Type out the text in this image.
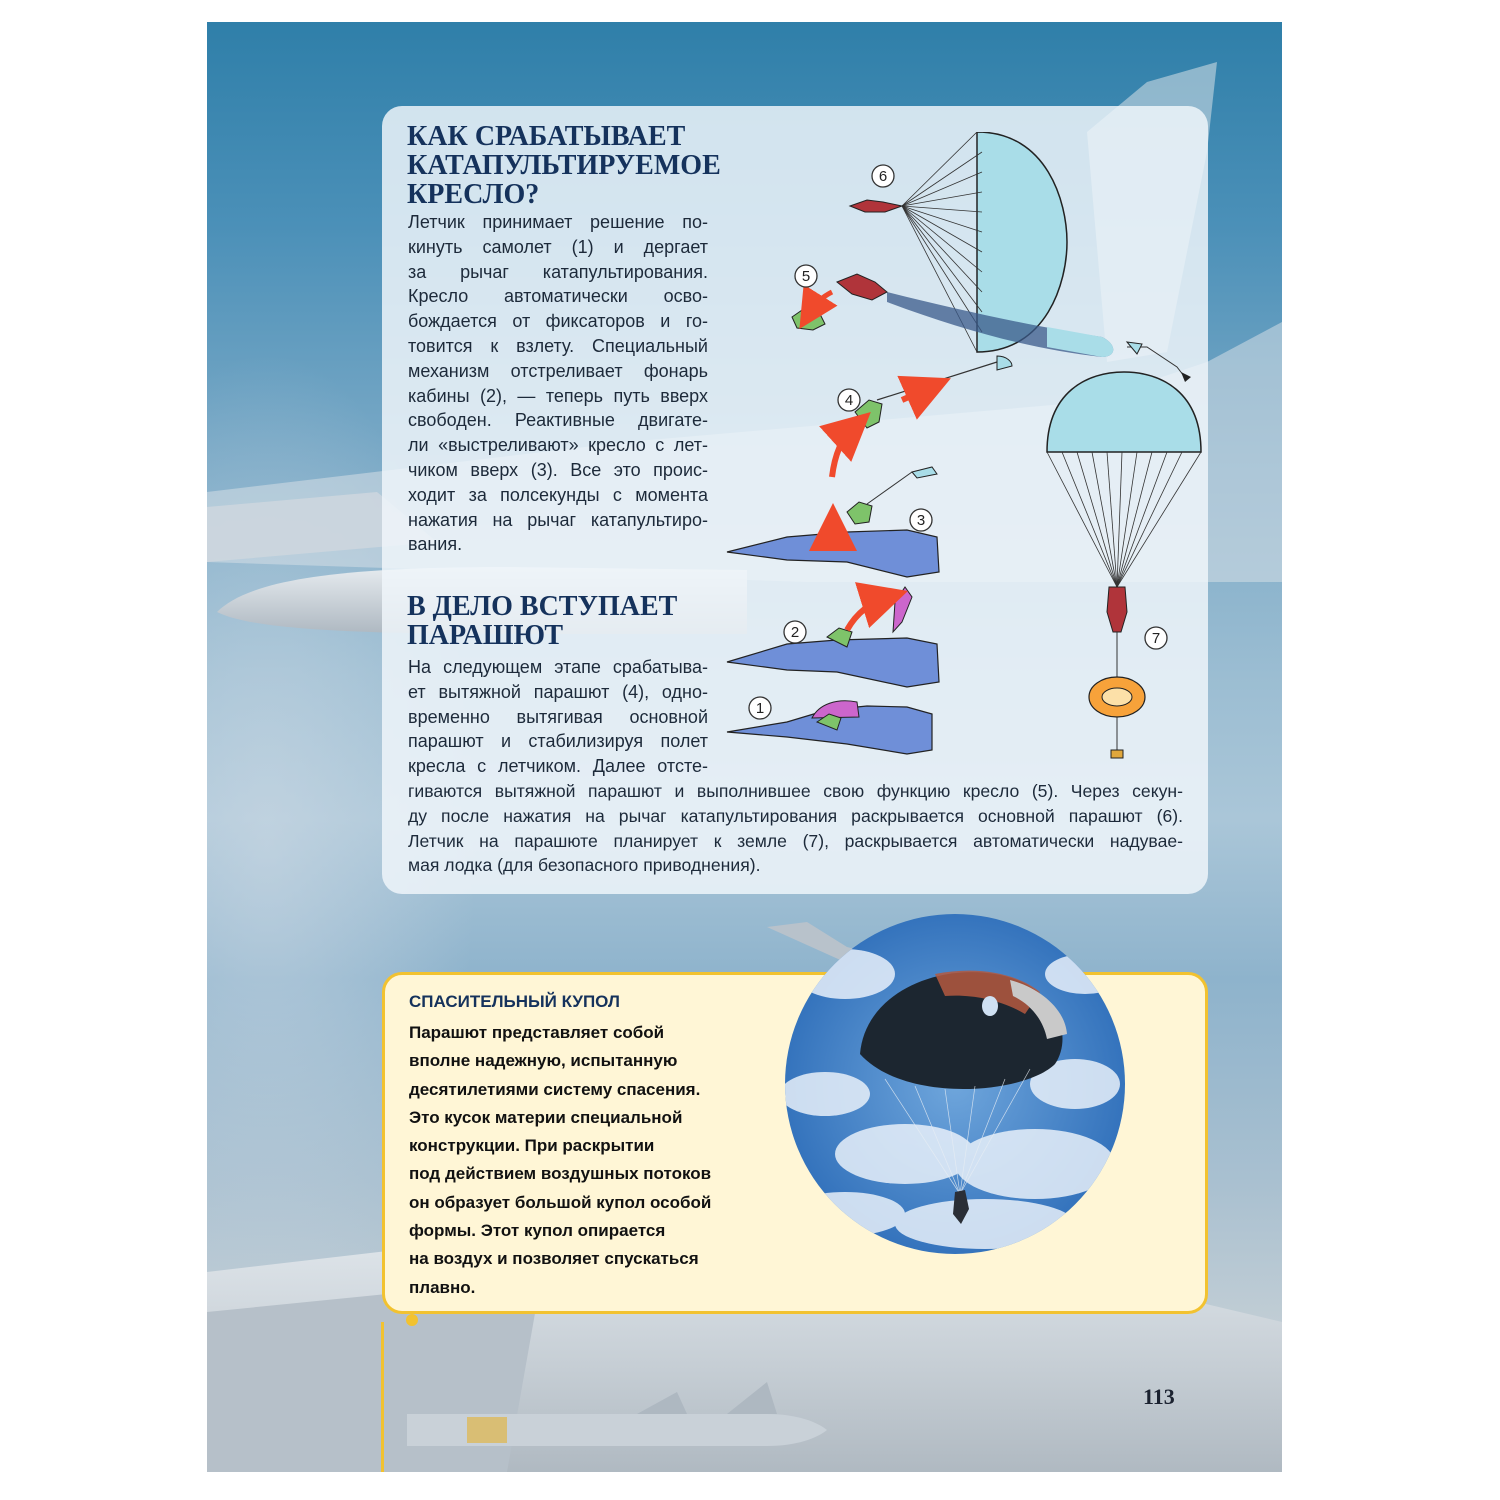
КАК СРАБАТЫВАЕТ
КАТАПУЛЬТИРУЕМОЕ
КРЕСЛО?

Летчик принимает решение по-
кинуть самолет (1) и дергает
за рычаг катапультирования.
Кресло автоматически осво-
бождается от фиксаторов и го-
товится к взлету. Специальный
механизм отстреливает фонарь
кабины (2), — теперь путь вверх
свободен. Реактивные двигате-
ли «выстреливают» кресло с лет-
чиком вверх (3). Все это проис-
ходит за полсекунды с момента
нажатия на рычаг катапультиро-
вания.

В ДЕЛО ВСТУПАЕТ
ПАРАШЮТ

На следующем этапе срабатыва-
ет вытяжной парашют (4), одно-
временно вытягивая основной
парашют и стабилизируя полет
кресла с летчиком. Далее отсте-

гиваются вытяжной парашют и выполнившее свою функцию кресло (5). Через секун-
ду после нажатия на рычаг катапультирования раскрывается основной парашют (6).
Летчик на парашюте планирует к земле (7), раскрывается автоматически надувае-
мая лодка (для безопасного приводнения).

6
5
7
4
3
2
1
СПАСИТЕЛЬНЫЙ КУПОЛ

Парашют представляет собой
вполне надежную, испытанную
десятилетиями систему спасения.
Это кусок материи специальной
конструкции. При раскрытии
под действием воздушных потоков
он образует большой купол особой
формы. Этот купол опирается
на воздух и позволяет спускаться
плавно.

113
